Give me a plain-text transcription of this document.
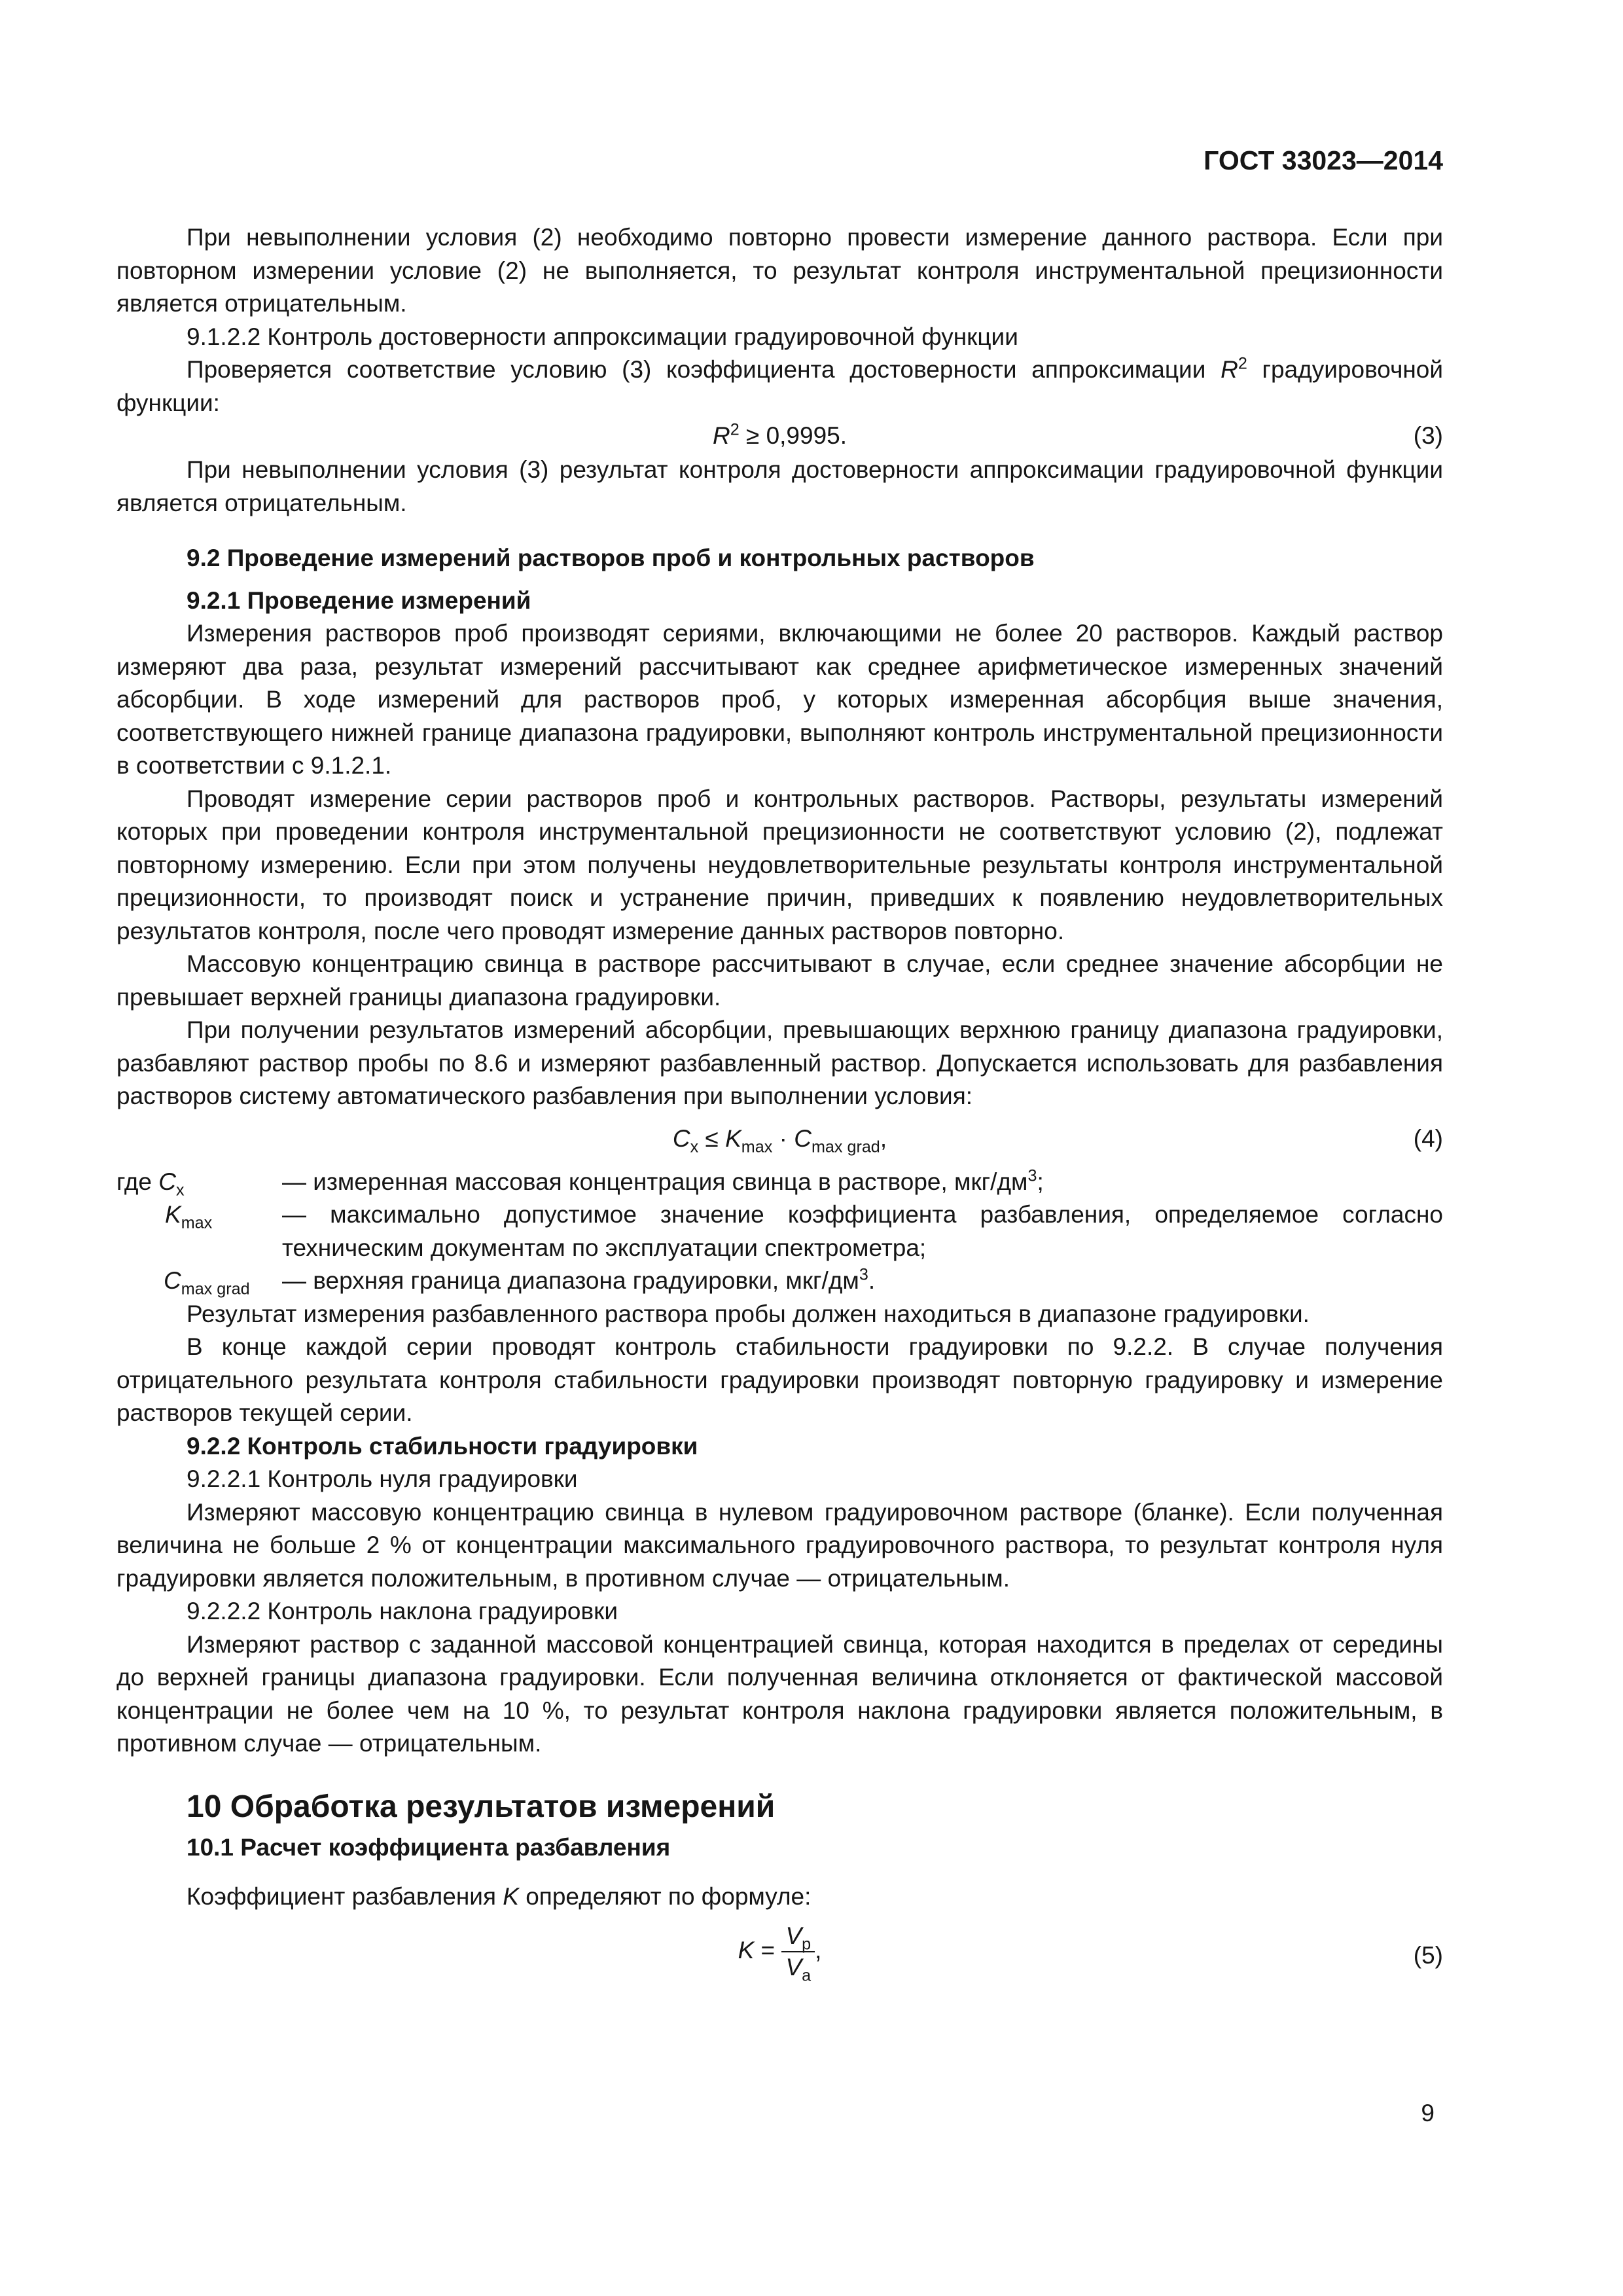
ГОСТ 33023—2014

При невыполнении условия (2) необходимо повторно провести измерение данного раствора. Если при повторном измерении условие (2) не выполняется, то результат контроля инструментальной прецизионности является отрицательным.

9.1.2.2 Контроль достоверности аппроксимации градуировочной функции

Проверяется соответствие условию (3) коэффициента достоверности аппроксимации $R^2$ градуировочной функции:

$R^2 \ge 0,9995$.	(3)

При невыполнении условия (3) результат контроля достоверности аппроксимации градуировочной функции является отрицательным.

9.2 Проведение измерений растворов проб и контрольных растворов

9.2.1 Проведение измерений

Измерения растворов проб производят сериями, включающими не более 20 растворов. Каждый раствор измеряют два раза, результат измерений рассчитывают как среднее арифметическое измеренных значений абсорбции. В ходе измерений для растворов проб, у которых измеренная абсорбция выше значения, соответствующего нижней границе диапазона градуировки, выполняют контроль инструментальной прецизионности в соответствии с 9.1.2.1.

Проводят измерение серии растворов проб и контрольных растворов. Растворы, результаты измерений которых при проведении контроля инструментальной прецизионности не соответствуют условию (2), подлежат повторному измерению. Если при этом получены неудовлетворительные результаты контроля инструментальной прецизионности, то производят поиск и устранение причин, приведших к появлению неудовлетворительных результатов контроля, после чего проводят измерение данных растворов повторно.

Массовую концентрацию свинца в растворе рассчитывают в случае, если среднее значение абсорбции не превышает верхней границы диапазона градуировки.

При получении результатов измерений абсорбции, превышающих верхнюю границу диапазона градуировки, разбавляют раствор пробы по 8.6 и измеряют разбавленный раствор. Допускается использовать для разбавления растворов систему автоматического разбавления при выполнении условия:

$C_x \le K_{max} \cdot C_{max grad}$,	(4)
где $C_x$	— измеренная массовая концентрация свинца в растворе, мкг/$дм^3$;
$K_{max}$	— максимально допустимое значение коэффициента разбавления, определяемое согласно техническим документам по эксплуатации спектрометра;
$C_{max grad}$	— верхняя граница диапазона градуировки, мкг/$дм^3$.

Результат измерения разбавленного раствора пробы должен находиться в диапазоне градуировки.

В конце каждой серии проводят контроль стабильности градуировки по 9.2.2. В случае получения отрицательного результата контроля стабильности градуировки производят повторную градуировку и измерение растворов текущей серии.

9.2.2 Контроль стабильности градуировки

9.2.2.1 Контроль нуля градуировки

Измеряют массовую концентрацию свинца в нулевом градуировочном растворе (бланке). Если полученная величина не больше 2 % от концентрации максимального градуировочного раствора, то результат контроля нуля градуировки является положительным, в противном случае — отрицательным.

9.2.2.2 Контроль наклона градуировки

Измеряют раствор с заданной массовой концентрацией свинца, которая находится в пределах от середины до верхней границы диапазона градуировки. Если полученная величина отклоняется от фактической массовой концентрации не более чем на 10 %, то результат контроля наклона градуировки является положительным, в противном случае — отрицательным.

10 Обработка результатов измерений

10.1 Расчет коэффициента разбавления

Коэффициент разбавления K определяют по формуле:

$K = \frac{V_p}{V_a}$ ,	(5)
9
